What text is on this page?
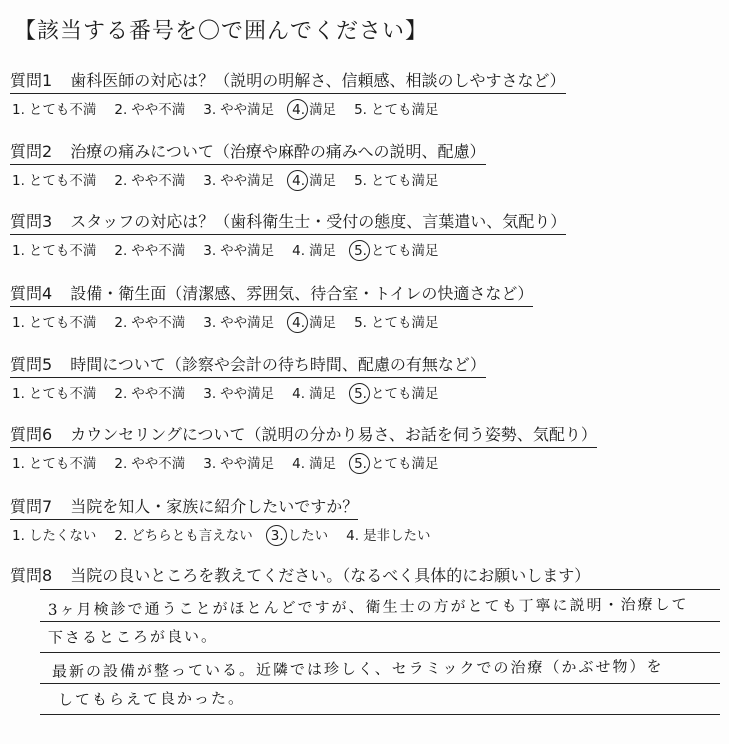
【該当する番号を〇で囲んでください】
質問1 歯科医師の対応は？（説明の明解さ、信頼感、相談のしやすさなど）
1. とても不満 2. やや不満 3. やや満足 4. 満足 5. とても満足
質問2 治療の痛みについて（治療や麻酔の痛みへの説明、配慮）
1. とても不満 2. やや不満 3. やや満足 4. 満足 5. とても満足
質問3 スタッフの対応は？（歯科衛生士・受付の態度、言葉遣い、気配り）
1. とても不満 2. やや不満 3. やや満足 4. 満足 5. とても満足
質問4 設備・衛生面（清潔感、雰囲気、待合室・トイレの快適さなど）
1. とても不満 2. やや不満 3. やや満足 4. 満足 5. とても満足
質問5 時間について（診察や会計の待ち時間、配慮の有無など）
1. とても不満 2. やや不満 3. やや満足 4. 満足 5. とても満足
質問6 カウンセリングについて（説明の分かり易さ、お話を伺う姿勢、気配り）
1. とても不満 2. やや不満 3. やや満足 4. 満足 5. とても満足
質問7 当院を知人・家族に紹介したいですか？
1. したくない 2. どちらとも言えない 3. したい 4. 是非したい
質問8 当院の良いところを教えてください。（なるべく具体的にお願いします）
3ヶ月検診で通うことがほとんどですが、衛生士の方がとても丁寧に説明・治療して
下さるところが良い。
最新の設備が整っている。近隣では珍しく、セラミックでの治療（かぶせ物）を
してもらえて良かった。
